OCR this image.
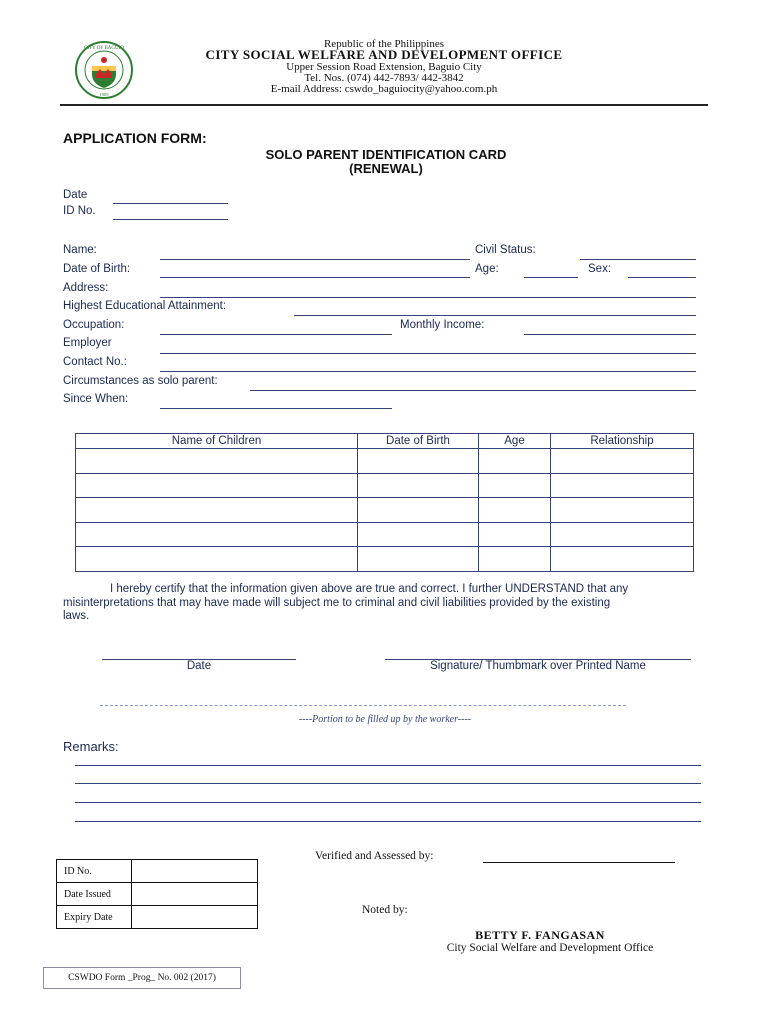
CITY OF BAGUIO
1909
Republic of the Philippines
CITY SOCIAL WELFARE AND DEVELOPMENT OFFICE
Upper Session Road Extension, Baguio City
Tel. Nos. (074) 442-7893/ 442-3842
E-mail Address: cswdo_baguiocity@yahoo.com.ph
APPLICATION FORM:
SOLO PARENT IDENTIFICATION CARD
(RENEWAL)
Date
ID No.
Name:	Civil Status:
Date of Birth:	Age:	Sex:
Address:
Highest Educational Attainment:
Occupation:	Monthly Income:
Employer
Contact No.:
Circumstances as solo parent:
Since When:
Name of Children	Date of Birth	Age	Relationship

I hereby certify that the information given above are true and correct. I further UNDERSTAND that any
misinterpretations that may have made will subject me to criminal and civil liabilities provided by the existing
laws.
Date	Signature/ Thumbmark over Printed Name
----Portion to be filled up by the worker----
Remarks:
ID No.	
Date Issued	
Expiry Date	
Verified and Assessed by:
Noted by:
BETTY F. FANGASAN
City Social Welfare and Development Office
CSWDO Form _Prog_ No. 002 (2017)
